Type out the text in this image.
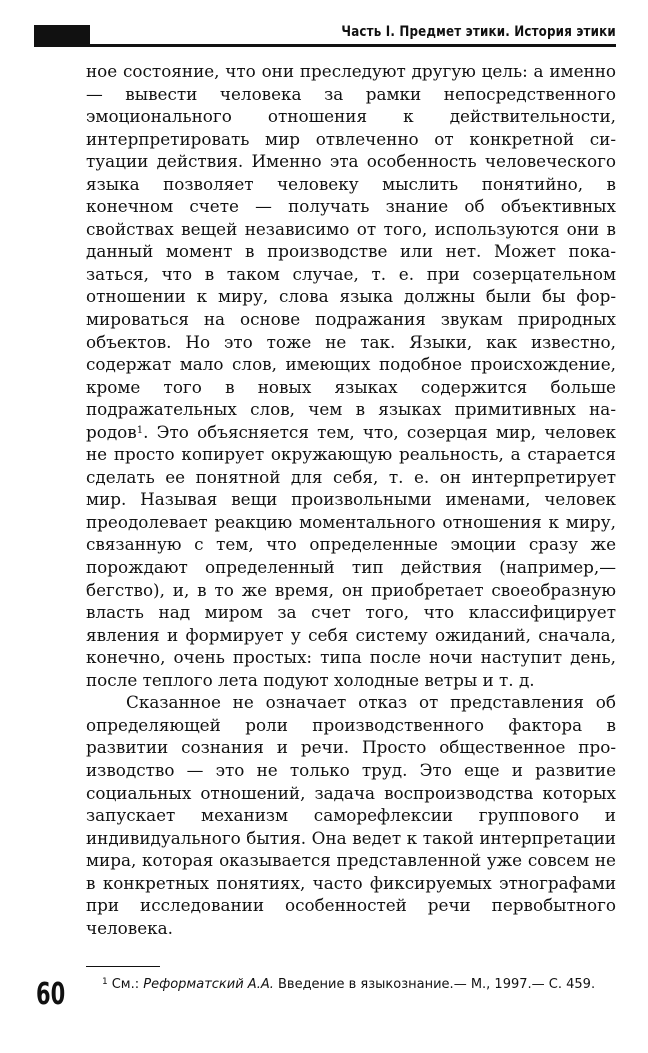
Часть I. Предмет этики. История этики

ное состояние, что они преследуют другую цель: а именно — вывести человека за рамки непосредственного эмоционального отношения к действительности, интерпретировать мир отвлеченно от конкретной ситуации действия. Именно эта особенность человеческого языка позволяет человеку мыслить понятийно, в конечном счете — получать знание об объективных свойствах вещей независимо от того, используются они в данный момент в производстве или нет. Может показаться, что в таком случае, т. е. при созерцательном отношении к миру, слова языка должны были бы формироваться на основе подражания звукам природных объектов. Но это тоже не так. Языки, как известно, содержат мало слов, имеющих подобное происхождение, кроме того в новых языках содержится больше подражательных слов, чем в языках примитивных народов$^1$. Это объясняется тем, что, созерцая мир, человек не просто копирует окружающую реальность, а старается сделать ее понятной для себя, т. е. он интерпретирует мир. Называя вещи произвольными именами, человек преодолевает реакцию моментального отношения к миру, связанную с тем, что определенные эмоции сразу же порождают определенный тип действия (например,— бегство), и, в то же время, он приобретает своеобразную власть над миром за счет того, что классифицирует явления и формирует у себя систему ожиданий, сначала, конечно, очень простых: типа после ночи наступит день, после теплого лета подуют холодные ветры и т. д.

Сказанное не означает отказ от представления об определяющей роли производственного фактора в развитии сознания и речи. Просто общественное производство — это не только труд. Это еще и развитие социальных отношений, задача воспроизводства которых запускает механизм саморефлексии группового и индивидуального бытия. Она ведет к такой интерпретации мира, которая оказывается представленной уже совсем не в конкретных понятиях, часто фиксируемых этнографами при исследовании особенностей речи первобытного человека.

$^1$ См.: Реформатский А.А. Введение в языкознание.— М., 1997.— С. 459.
60
